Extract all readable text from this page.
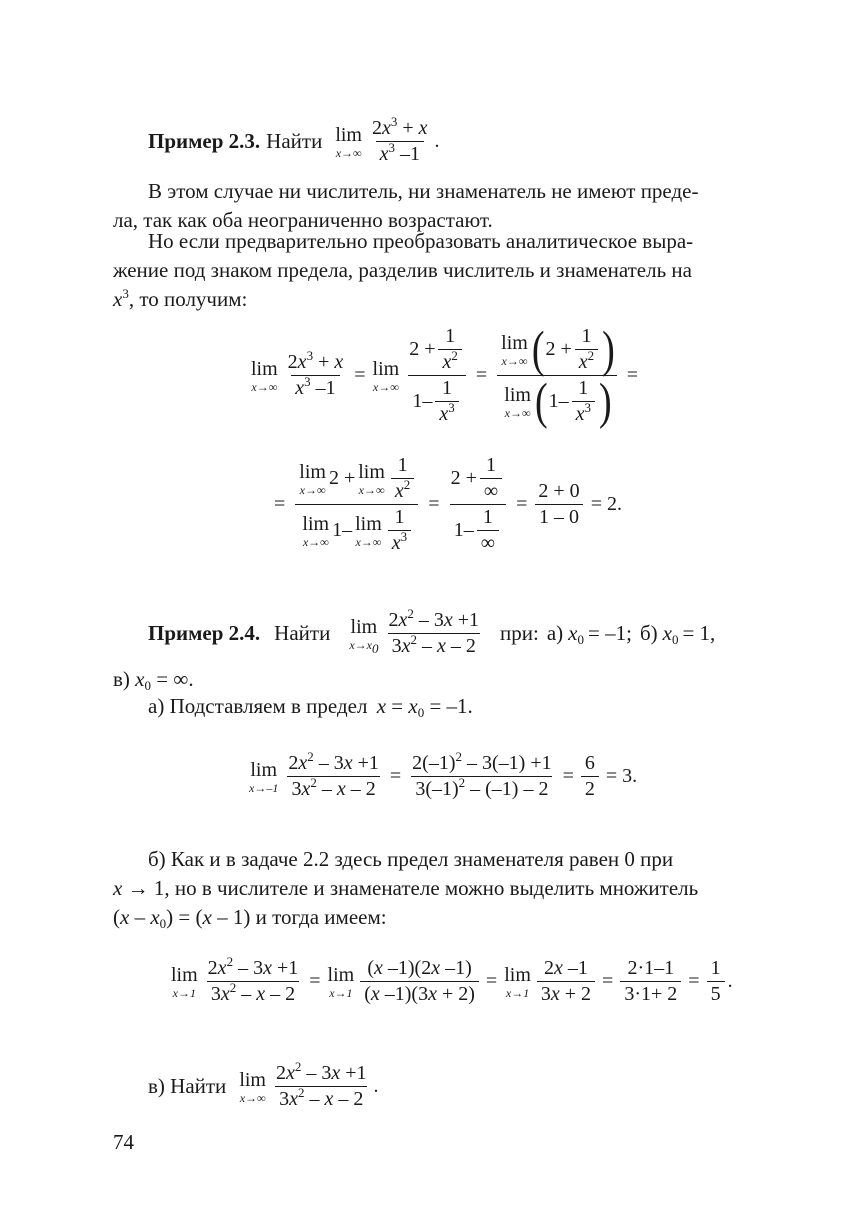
Пример 2.3. Найти lim
$x\to\infty \frac{2x^3 + x}{x^3 -1}$ .
В этом случае ни числитель, ни знаменатель не имеют преде-
ла, так как оба неограниченно возрастают.
Но если предварительно преобразовать аналитическое выра-
жение под знаком предела, разделив числитель и знаменатель на
$x^3$, то получим:
lim
$x\to\infty \frac{2x^3 + x}{x^3 -1} = \lim$
$x\to\infty \frac{2 + \frac{1}{x^2}}{1- \frac{1}{x^3}} = \lim$
x→∞ ( $2 + \frac{1}{x^2}$ )
lim
x→∞ ( $1- \frac{1}{x^3}$ ) =
= lim
x→∞
2 + lim
$x\to\infty \frac{1}{x^2}$
lim
x→∞
1– lim
$x\to\infty \frac{1}{x^3} = \frac{2 + \frac{1}{\infty}}{1- \frac{1}{\infty}} = \frac{2 + 0}{1 - 0} = 2$.
Пример 2.4. Найти lim
$x\to x_0 \frac{2x^2 - 3x +1}{3x^2 - x - 2}$ при: а) $x_0 = -1$; б) $x_0 = 1$,
в) $x_0$ = ∞.
а) Подставляем в предел $x = x_0 = -1$.
lim
$x\to-1 \frac{2x^2 - 3x +1}{3x^2 - x - 2} = \frac{2(-1)^2 - 3(-1) +1}{3(-1)^2 - (-1) - 2} = \frac{6}{2} = 3$.
б) Как и в задаче 2.2 здесь предел знаменателя равен 0 при
x → 1, но в числителе и знаменателе можно выделить множитель
$(x - x_0) = (x - 1)$ и тогда имеем:
lim
$x\to 1 \frac{2x^2 - 3x +1}{3x^2 - x - 2} = \lim$
$x\to 1 \frac{(x -1)(2x -1)}{(x -1)(3x + 2)} = \lim$
$x\to 1 \frac{2x -1}{3x + 2} = \frac{2\cdot 1-1}{3\cdot 1+ 2} = \frac{1}{5}$ .
в) Найти lim
$x\to\infty \frac{2x^2 - 3x +1}{3x^2 - x - 2}$ .
74
